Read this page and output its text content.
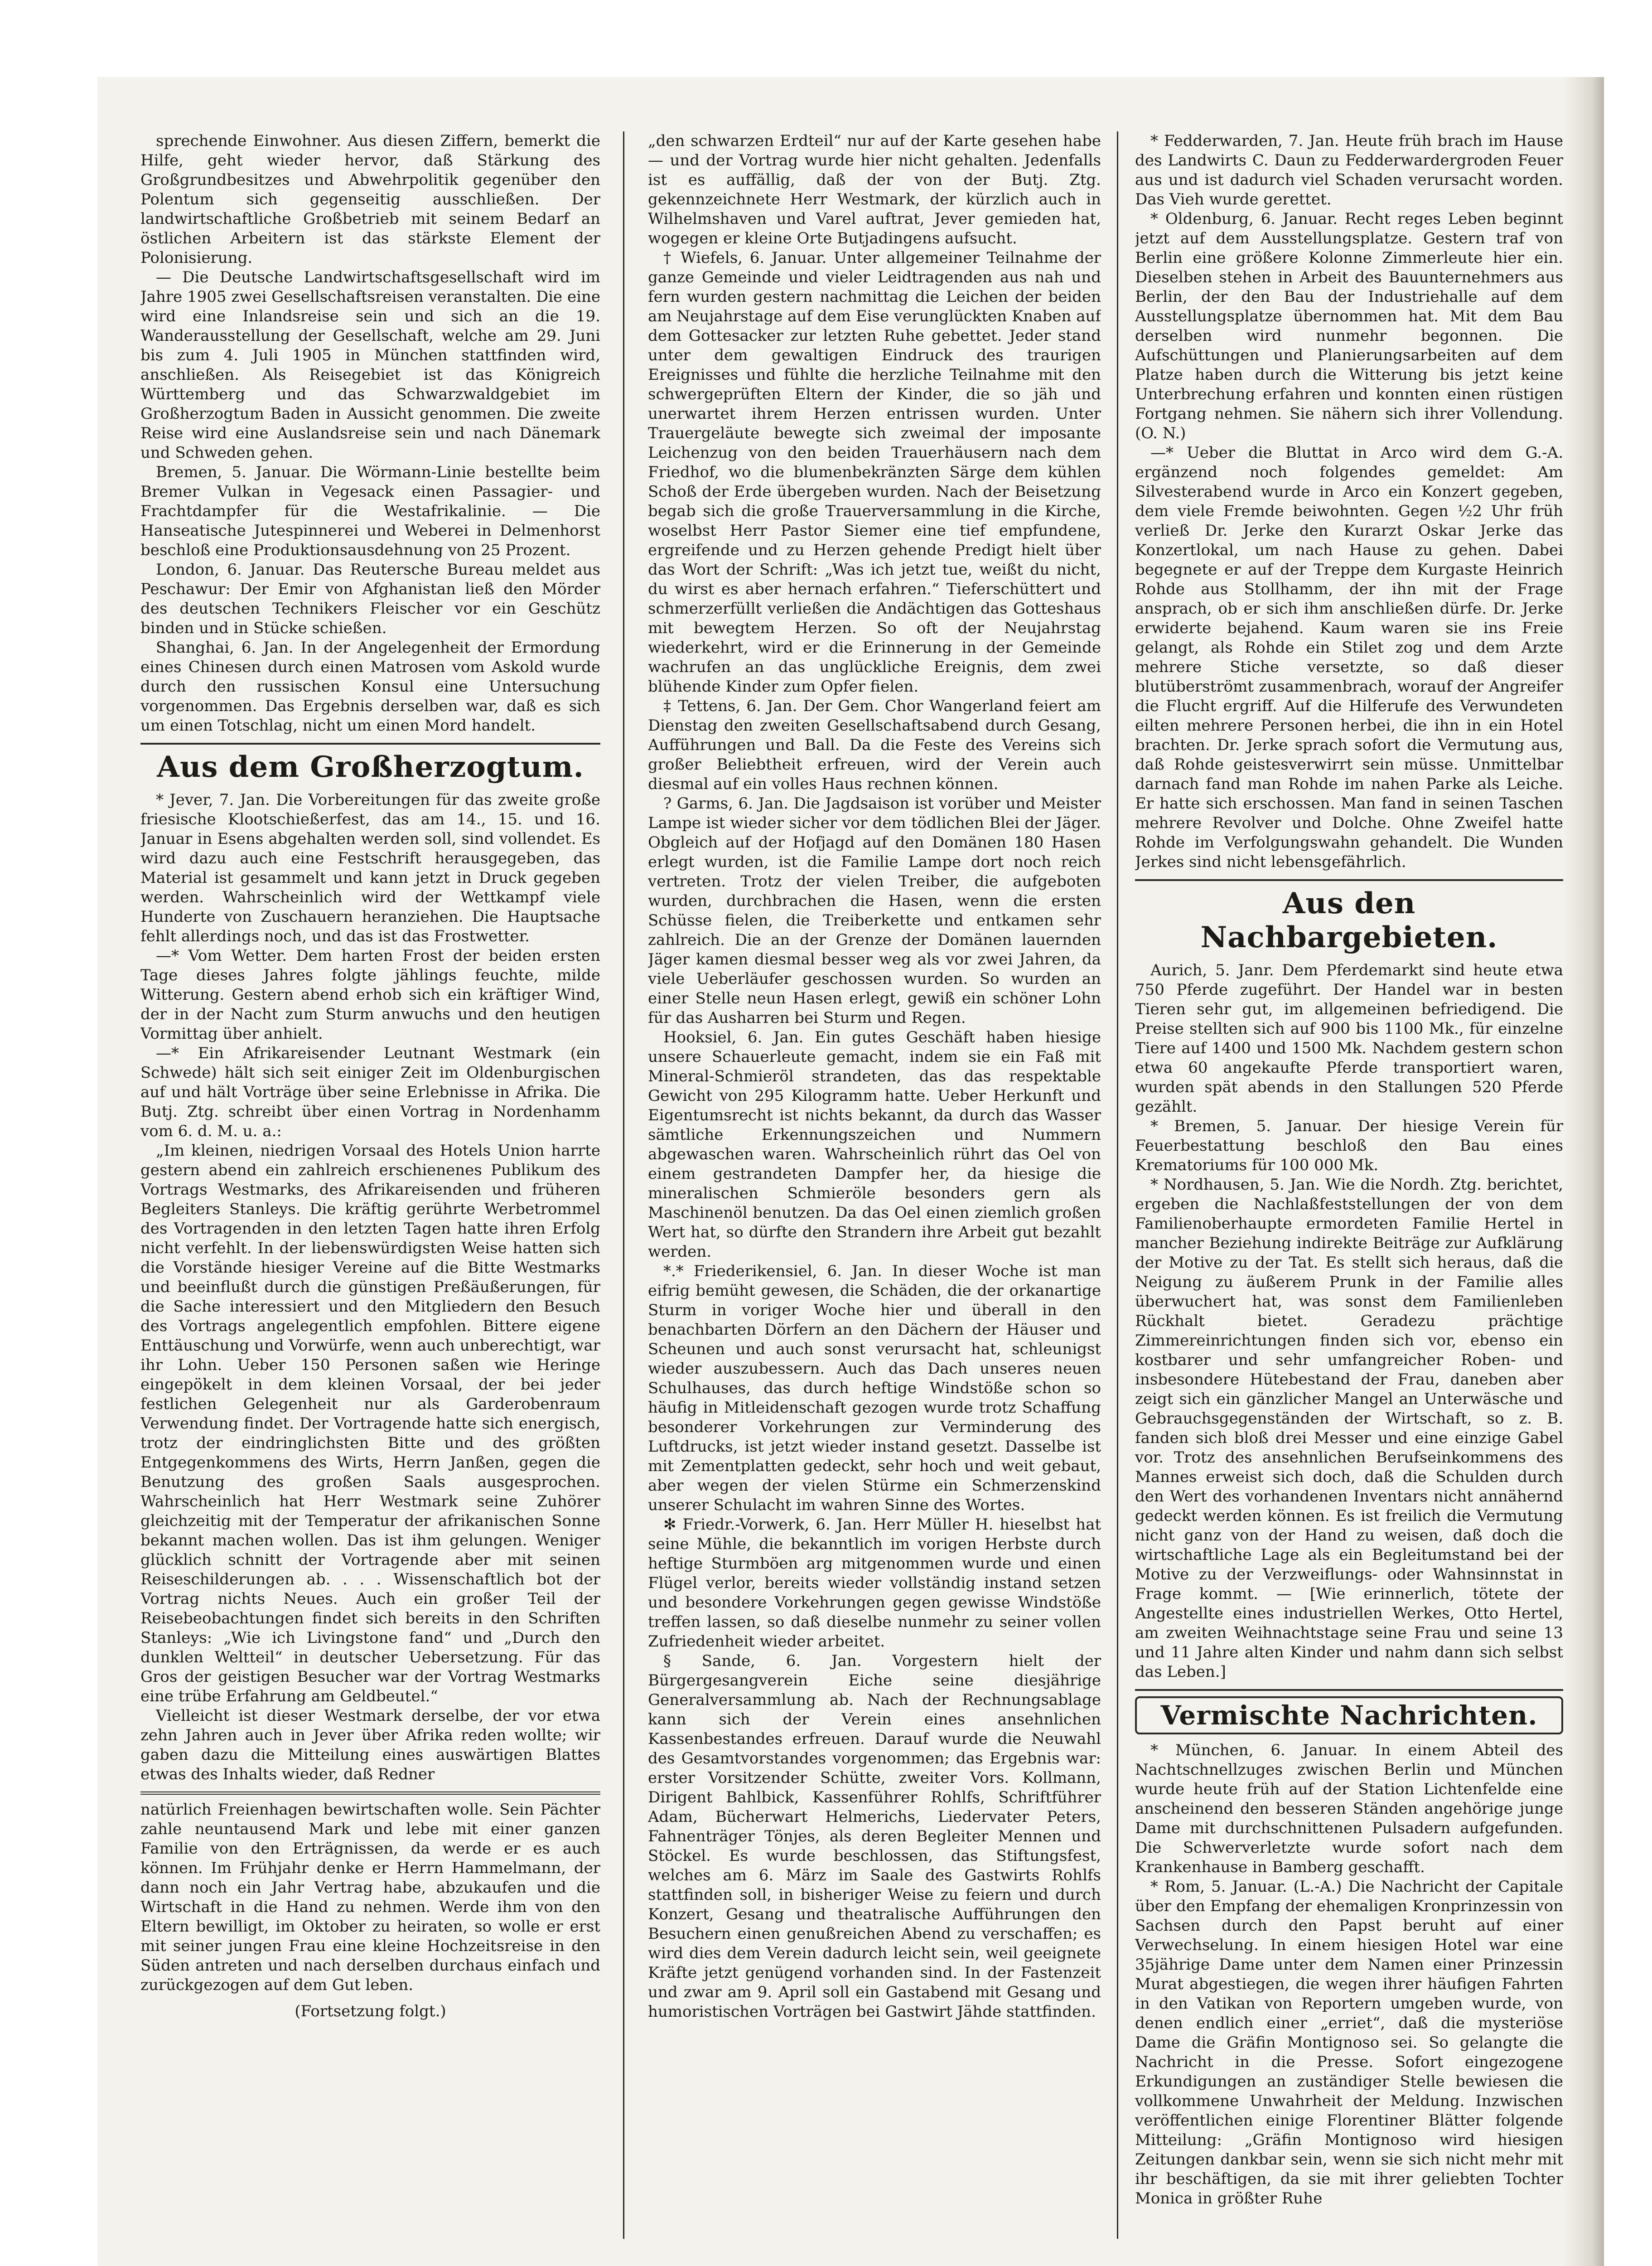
sprechende Einwohner. Aus diesen Ziffern, bemerkt die Hilfe, geht wieder hervor, daß Stärkung des Großgrundbesitzes und Abwehrpolitik gegenüber den Polentum sich gegenseitig ausschließen. Der landwirtschaftliche Großbetrieb mit seinem Bedarf an östlichen Arbeitern ist das stärkste Element der Polonisierung.

— Die Deutsche Landwirtschaftsgesellschaft wird im Jahre 1905 zwei Gesellschaftsreisen veranstalten. Die eine wird eine Inlandsreise sein und sich an die 19. Wanderausstellung der Gesellschaft, welche am 29. Juni bis zum 4. Juli 1905 in München stattfinden wird, anschließen. Als Reisegebiet ist das Königreich Württemberg und das Schwarzwaldgebiet im Großherzogtum Baden in Aussicht genommen. Die zweite Reise wird eine Auslandsreise sein und nach Dänemark und Schweden gehen.

Bremen, 5. Januar. Die Wörmann-Linie bestellte beim Bremer Vulkan in Vegesack einen Passagier- und Frachtdampfer für die Westafrikalinie. — Die Hanseatische Jutespinnerei und Weberei in Delmenhorst beschloß eine Produktionsausdehnung von 25 Prozent.

London, 6. Januar. Das Reutersche Bureau meldet aus Peschawur: Der Emir von Afghanistan ließ den Mörder des deutschen Technikers Fleischer vor ein Geschütz binden und in Stücke schießen.

Shanghai, 6. Jan. In der Angelegenheit der Ermordung eines Chinesen durch einen Matrosen vom Askold wurde durch den russischen Konsul eine Untersuchung vorgenommen. Das Ergebnis derselben war, daß es sich um einen Totschlag, nicht um einen Mord handelt.

Aus dem Großherzogtum.

* Jever, 7. Jan. Die Vorbereitungen für das zweite große friesische Klootschießerfest, das am 14., 15. und 16. Januar in Esens abgehalten werden soll, sind vollendet. Es wird dazu auch eine Festschrift herausgegeben, das Material ist gesammelt und kann jetzt in Druck gegeben werden. Wahrscheinlich wird der Wettkampf viele Hunderte von Zuschauern heranziehen. Die Hauptsache fehlt allerdings noch, und das ist das Frostwetter.

—* Vom Wetter. Dem harten Frost der beiden ersten Tage dieses Jahres folgte jählings feuchte, milde Witterung. Gestern abend erhob sich ein kräftiger Wind, der in der Nacht zum Sturm anwuchs und den heutigen Vormittag über anhielt.

—* Ein Afrikareisender Leutnant Westmark (ein Schwede) hält sich seit einiger Zeit im Oldenburgischen auf und hält Vorträge über seine Erlebnisse in Afrika. Die Butj. Ztg. schreibt über einen Vortrag in Nordenhamm vom 6. d. M. u. a.:

„Im kleinen, niedrigen Vorsaal des Hotels Union harrte gestern abend ein zahlreich erschienenes Publikum des Vortrags Westmarks, des Afrikareisenden und früheren Begleiters Stanleys. Die kräftig gerührte Werbetrommel des Vortragenden in den letzten Tagen hatte ihren Erfolg nicht verfehlt. In der liebenswürdigsten Weise hatten sich die Vorstände hiesiger Vereine auf die Bitte Westmarks und beeinflußt durch die günstigen Preßäußerungen, für die Sache interessiert und den Mitgliedern den Besuch des Vortrags angelegentlich empfohlen. Bittere eigene Enttäuschung und Vorwürfe, wenn auch unberechtigt, war ihr Lohn. Ueber 150 Personen saßen wie Heringe eingepökelt in dem kleinen Vorsaal, der bei jeder festlichen Gelegenheit nur als Garderobenraum Verwendung findet. Der Vortragende hatte sich energisch, trotz der eindringlichsten Bitte und des größten Entgegenkommens des Wirts, Herrn Janßen, gegen die Benutzung des großen Saals ausgesprochen. Wahrscheinlich hat Herr Westmark seine Zuhörer gleichzeitig mit der Temperatur der afrikanischen Sonne bekannt machen wollen. Das ist ihm gelungen. Weniger glücklich schnitt der Vortragende aber mit seinen Reiseschilderungen ab. . . . Wissenschaftlich bot der Vortrag nichts Neues. Auch ein großer Teil der Reisebeobachtungen findet sich bereits in den Schriften Stanleys: „Wie ich Livingstone fand“ und „Durch den dunklen Weltteil“ in deutscher Uebersetzung. Für das Gros der geistigen Besucher war der Vortrag Westmarks eine trübe Erfahrung am Geldbeutel.“

Vielleicht ist dieser Westmark derselbe, der vor etwa zehn Jahren auch in Jever über Afrika reden wollte; wir gaben dazu die Mitteilung eines auswärtigen Blattes etwas des Inhalts wieder, daß Redner

natürlich Freienhagen bewirtschaften wolle. Sein Pächter zahle neuntausend Mark und lebe mit einer ganzen Familie von den Erträgnissen, da werde er es auch können. Im Frühjahr denke er Herrn Hammelmann, der dann noch ein Jahr Vertrag habe, abzukaufen und die Wirtschaft in die Hand zu nehmen. Werde ihm von den Eltern bewilligt, im Oktober zu heiraten, so wolle er erst mit seiner jungen Frau eine kleine Hochzeitsreise in den Süden antreten und nach derselben durchaus einfach und zurückgezogen auf dem Gut leben.

(Fortsetzung folgt.)

„den schwarzen Erdteil“ nur auf der Karte gesehen habe — und der Vortrag wurde hier nicht gehalten. Jedenfalls ist es auffällig, daß der von der Butj. Ztg. gekennzeichnete Herr Westmark, der kürzlich auch in Wilhelmshaven und Varel auftrat, Jever gemieden hat, wogegen er kleine Orte Butjadingens aufsucht.

† Wiefels, 6. Januar. Unter allgemeiner Teilnahme der ganze Gemeinde und vieler Leidtragenden aus nah und fern wurden gestern nachmittag die Leichen der beiden am Neujahrstage auf dem Eise verunglückten Knaben auf dem Gottesacker zur letzten Ruhe gebettet. Jeder stand unter dem gewaltigen Eindruck des traurigen Ereignisses und fühlte die herzliche Teilnahme mit den schwergeprüften Eltern der Kinder, die so jäh und unerwartet ihrem Herzen entrissen wurden. Unter Trauergeläute bewegte sich zweimal der imposante Leichenzug von den beiden Trauerhäusern nach dem Friedhof, wo die blumenbekränzten Särge dem kühlen Schoß der Erde übergeben wurden. Nach der Beisetzung begab sich die große Trauerversammlung in die Kirche, woselbst Herr Pastor Siemer eine tief empfundene, ergreifende und zu Herzen gehende Predigt hielt über das Wort der Schrift: „Was ich jetzt tue, weißt du nicht, du wirst es aber hernach erfahren.“ Tieferschüttert und schmerzerfüllt verließen die Andächtigen das Gotteshaus mit bewegtem Herzen. So oft der Neujahrstag wiederkehrt, wird er die Erinnerung in der Gemeinde wachrufen an das unglückliche Ereignis, dem zwei blühende Kinder zum Opfer fielen.

‡ Tettens, 6. Jan. Der Gem. Chor Wangerland feiert am Dienstag den zweiten Gesellschaftsabend durch Gesang, Aufführungen und Ball. Da die Feste des Vereins sich großer Beliebtheit erfreuen, wird der Verein auch diesmal auf ein volles Haus rechnen können.

? Garms, 6. Jan. Die Jagdsaison ist vorüber und Meister Lampe ist wieder sicher vor dem tödlichen Blei der Jäger. Obgleich auf der Hofjagd auf den Domänen 180 Hasen erlegt wurden, ist die Familie Lampe dort noch reich vertreten. Trotz der vielen Treiber, die aufgeboten wurden, durchbrachen die Hasen, wenn die ersten Schüsse fielen, die Treiberkette und entkamen sehr zahlreich. Die an der Grenze der Domänen lauernden Jäger kamen diesmal besser weg als vor zwei Jahren, da viele Ueberläufer geschossen wurden. So wurden an einer Stelle neun Hasen erlegt, gewiß ein schöner Lohn für das Ausharren bei Sturm und Regen.

Hooksiel, 6. Jan. Ein gutes Geschäft haben hiesige unsere Schauerleute gemacht, indem sie ein Faß mit Mineral-Schmieröl strandeten, das das respektable Gewicht von 295 Kilogramm hatte. Ueber Herkunft und Eigentumsrecht ist nichts bekannt, da durch das Wasser sämtliche Erkennungszeichen und Nummern abgewaschen waren. Wahrscheinlich rührt das Oel von einem gestrandeten Dampfer her, da hiesige die mineralischen Schmieröle besonders gern als Maschinenöl benutzen. Da das Oel einen ziemlich großen Wert hat, so dürfte den Strandern ihre Arbeit gut bezahlt werden.

*.* Friederikensiel, 6. Jan. In dieser Woche ist man eifrig bemüht gewesen, die Schäden, die der orkanartige Sturm in voriger Woche hier und überall in den benachbarten Dörfern an den Dächern der Häuser und Scheunen und auch sonst verursacht hat, schleunigst wieder auszubessern. Auch das Dach unseres neuen Schulhauses, das durch heftige Windstöße schon so häufig in Mitleidenschaft gezogen wurde trotz Schaffung besonderer Vorkehrungen zur Verminderung des Luftdrucks, ist jetzt wieder instand gesetzt. Dasselbe ist mit Zementplatten gedeckt, sehr hoch und weit gebaut, aber wegen der vielen Stürme ein Schmerzenskind unserer Schulacht im wahren Sinne des Wortes.

✻ Friedr.-Vorwerk, 6. Jan. Herr Müller H. hieselbst hat seine Mühle, die bekanntlich im vorigen Herbste durch heftige Sturmböen arg mitgenommen wurde und einen Flügel verlor, bereits wieder vollständig instand setzen und besondere Vorkehrungen gegen gewisse Windstöße treffen lassen, so daß dieselbe nunmehr zu seiner vollen Zufriedenheit wieder arbeitet.

§ Sande, 6. Jan. Vorgestern hielt der Bürgergesangverein Eiche seine diesjährige Generalversammlung ab. Nach der Rechnungsablage kann sich der Verein eines ansehnlichen Kassenbestandes erfreuen. Darauf wurde die Neuwahl des Gesamtvorstandes vorgenommen; das Ergebnis war: erster Vorsitzender Schütte, zweiter Vors. Kollmann, Dirigent Bahlbick, Kassenführer Rohlfs, Schriftführer Adam, Bücherwart Helmerichs, Liedervater Peters, Fahnenträger Tönjes, als deren Begleiter Mennen und Stöckel. Es wurde beschlossen, das Stiftungsfest, welches am 6. März im Saale des Gastwirts Rohlfs stattfinden soll, in bisheriger Weise zu feiern und durch Konzert, Gesang und theatralische Aufführungen den Besuchern einen genußreichen Abend zu verschaffen; es wird dies dem Verein dadurch leicht sein, weil geeignete Kräfte jetzt genügend vorhanden sind. In der Fastenzeit und zwar am 9. April soll ein Gastabend mit Gesang und humoristischen Vorträgen bei Gastwirt Jähde stattfinden.

* Fedderwarden, 7. Jan. Heute früh brach im Hause des Landwirts C. Daun zu Fedderwardergroden Feuer aus und ist dadurch viel Schaden verursacht worden. Das Vieh wurde gerettet.

* Oldenburg, 6. Januar. Recht reges Leben beginnt jetzt auf dem Ausstellungsplatze. Gestern traf von Berlin eine größere Kolonne Zimmerleute hier ein. Dieselben stehen in Arbeit des Bauunternehmers aus Berlin, der den Bau der Industriehalle auf dem Ausstellungsplatze übernommen hat. Mit dem Bau derselben wird nunmehr begonnen. Die Aufschüttungen und Planierungsarbeiten auf dem Platze haben durch die Witterung bis jetzt keine Unterbrechung erfahren und konnten einen rüstigen Fortgang nehmen. Sie nähern sich ihrer Vollendung. (O. N.)

—* Ueber die Bluttat in Arco wird dem G.-A. ergänzend noch folgendes gemeldet: Am Silvesterabend wurde in Arco ein Konzert gegeben, dem viele Fremde beiwohnten. Gegen ½2 Uhr früh verließ Dr. Jerke den Kurarzt Oskar Jerke das Konzertlokal, um nach Hause zu gehen. Dabei begegnete er auf der Treppe dem Kurgaste Heinrich Rohde aus Stollhamm, der ihn mit der Frage ansprach, ob er sich ihm anschließen dürfe. Dr. Jerke erwiderte bejahend. Kaum waren sie ins Freie gelangt, als Rohde ein Stilet zog und dem Arzte mehrere Stiche versetzte, so daß dieser blutüberströmt zusammenbrach, worauf der Angreifer die Flucht ergriff. Auf die Hilferufe des Verwundeten eilten mehrere Personen herbei, die ihn in ein Hotel brachten. Dr. Jerke sprach sofort die Vermutung aus, daß Rohde geistesverwirrt sein müsse. Unmittelbar darnach fand man Rohde im nahen Parke als Leiche. Er hatte sich erschossen. Man fand in seinen Taschen mehrere Revolver und Dolche. Ohne Zweifel hatte Rohde im Verfolgungswahn gehandelt. Die Wunden Jerkes sind nicht lebensgefährlich.

Aus den Nachbargebieten.

Aurich, 5. Janr. Dem Pferdemarkt sind heute etwa 750 Pferde zugeführt. Der Handel war in besten Tieren sehr gut, im allgemeinen befriedigend. Die Preise stellten sich auf 900 bis 1100 Mk., für einzelne Tiere auf 1400 und 1500 Mk. Nachdem gestern schon etwa 60 angekaufte Pferde transportiert waren, wurden spät abends in den Stallungen 520 Pferde gezählt.

* Bremen, 5. Januar. Der hiesige Verein für Feuerbestattung beschloß den Bau eines Krematoriums für 100 000 Mk.

* Nordhausen, 5. Jan. Wie die Nordh. Ztg. berichtet, ergeben die Nachlaßfeststellungen der von dem Familienoberhaupte ermordeten Familie Hertel in mancher Beziehung indirekte Beiträge zur Aufklärung der Motive zu der Tat. Es stellt sich heraus, daß die Neigung zu äußerem Prunk in der Familie alles überwuchert hat, was sonst dem Familienleben Rückhalt bietet. Geradezu prächtige Zimmereinrichtungen finden sich vor, ebenso ein kostbarer und sehr umfangreicher Roben- und insbesondere Hütebestand der Frau, daneben aber zeigt sich ein gänzlicher Mangel an Unterwäsche und Gebrauchsgegenständen der Wirtschaft, so z. B. fanden sich bloß drei Messer und eine einzige Gabel vor. Trotz des ansehnlichen Berufseinkommens des Mannes erweist sich doch, daß die Schulden durch den Wert des vorhandenen Inventars nicht annähernd gedeckt werden können. Es ist freilich die Vermutung nicht ganz von der Hand zu weisen, daß doch die wirtschaftliche Lage als ein Begleitumstand bei der Motive zu der Verzweiflungs- oder Wahnsinnstat in Frage kommt. — [Wie erinnerlich, tötete der Angestellte eines industriellen Werkes, Otto Hertel, am zweiten Weihnachtstage seine Frau und seine 13 und 11 Jahre alten Kinder und nahm dann sich selbst das Leben.]

Vermischte Nachrichten.

* München, 6. Januar. In einem Abteil des Nachtschnellzuges zwischen Berlin und München wurde heute früh auf der Station Lichtenfelde eine anscheinend den besseren Ständen angehörige junge Dame mit durchschnittenen Pulsadern aufgefunden. Die Schwerverletzte wurde sofort nach dem Krankenhause in Bamberg geschafft.

* Rom, 5. Januar. (L.-A.) Die Nachricht der Capitale über den Empfang der ehemaligen Kronprinzessin von Sachsen durch den Papst beruht auf einer Verwechselung. In einem hiesigen Hotel war eine 35jährige Dame unter dem Namen einer Prinzessin Murat abgestiegen, die wegen ihrer häufigen Fahrten in den Vatikan von Reportern umgeben wurde, von denen endlich einer „erriet“, daß die mysteriöse Dame die Gräfin Montignoso sei. So gelangte die Nachricht in die Presse. Sofort eingezogene Erkundigungen an zuständiger Stelle bewiesen die vollkommene Unwahrheit der Meldung. Inzwischen veröffentlichen einige Florentiner Blätter folgende Mitteilung: „Gräfin Montignoso wird hiesigen Zeitungen dankbar sein, wenn sie sich nicht mehr mit ihr beschäftigen, da sie mit ihrer geliebten Tochter Monica in größter Ruhe
